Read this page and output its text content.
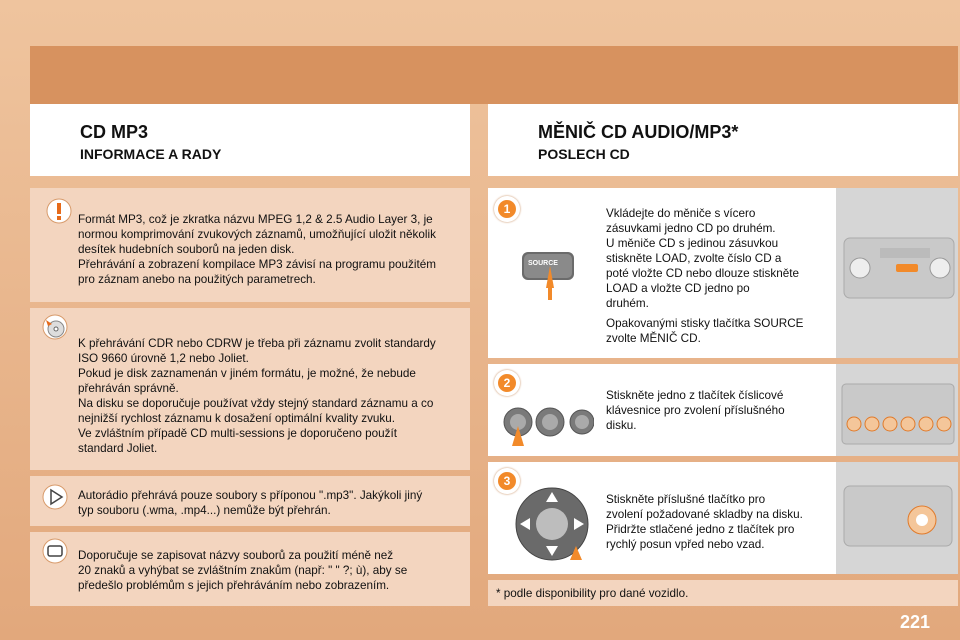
CD MP3
INFORMACE A RADY
MĚNIČ CD AUDIO/MP3*
POSLECH CD
Formát MP3, což je zkratka názvu MPEG 1,2 & 2.5 Audio Layer 3, je
normou komprimování zvukových záznamů, umožňující uložit několik
desítek hudebních souborů na jeden disk.
Přehrávání a zobrazení kompilace MP3 závisí na programu použitém
pro záznam anebo na použitých parametrech.
K přehrávání CDR nebo CDRW je třeba při záznamu zvolit standardy
ISO 9660 úrovně 1,2 nebo Joliet.
Pokud je disk zaznamenán v jiném formátu, je možné, že nebude
přehráván správně.
Na disku se doporučuje používat vždy stejný standard záznamu a co
nejnižší rychlost záznamu k dosažení optimální kvality zvuku.
Ve zvláštním případě CD multi-sessions je doporučeno použít
standard Joliet.
Autorádio přehrává pouze soubory s příponou ".mp3". Jakýkoli jiný
typ souboru (.wma, .mp4...) nemůže být přehrán.
Doporučuje se zapisovat názvy souborů za použití méně než
20 znaků a vyhýbat se zvláštním znakům (např: " " ?; ù), aby se
předešlo problémům s jejich přehráváním nebo zobrazením.
1
SOURCE
Vkládejte do měniče s vícero
zásuvkami jedno CD po druhém.
U měniče CD s jedinou zásuvkou
stiskněte LOAD, zvolte číslo CD a
poté vložte CD nebo dlouze stiskněte
LOAD a vložte CD jedno po
druhém.
Opakovanými stisky tlačítka SOURCE
zvolte MĚNIČ CD.
2
Stiskněte jedno z tlačítek číslicové
klávesnice pro zvolení příslušného
disku.
3
Stiskněte příslušné tlačítko pro
zvolení požadované skladby na disku.
Přidržte stlačené jedno z tlačítek pro
rychlý posun vpřed nebo vzad.
* podle disponibility pro dané vozidlo.
221
